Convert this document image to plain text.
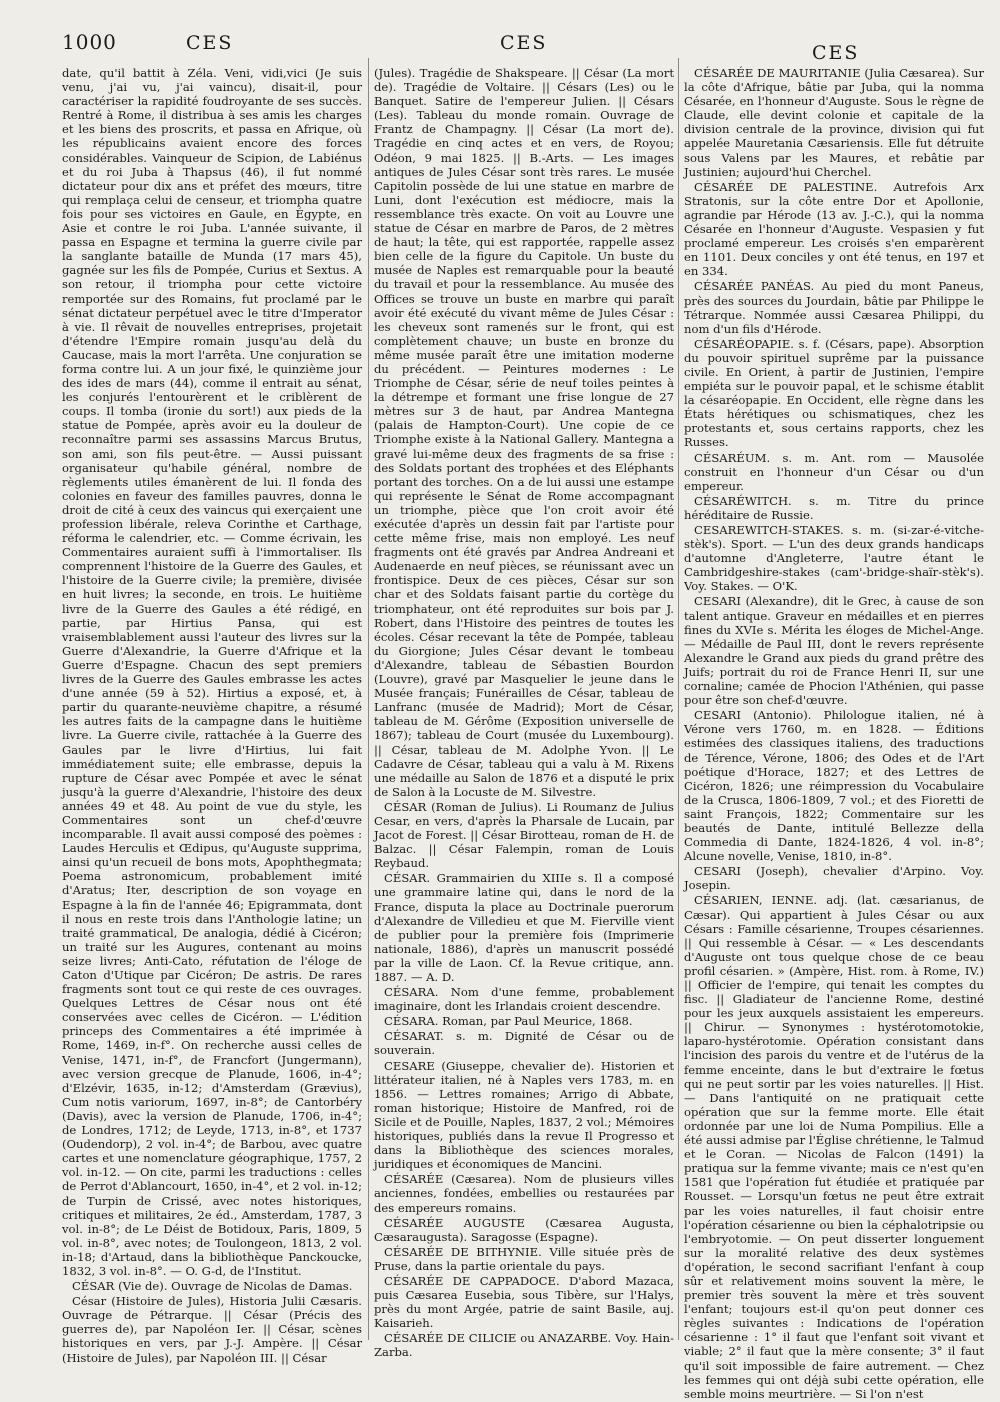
1000	CES	CES	CES

date, qu'il battit à Zéla. Veni, vidi,vici (Je suis venu, j'ai vu, j'ai vaincu), disait-il, pour caractériser la rapidité foudroyante de ses succès. Rentré à Rome, il distribua à ses amis les charges et les biens des proscrits, et passa en Afrique, où les républicains avaient encore des forces considérables. Vainqueur de Scipion, de Labiénus et du roi Juba à Thapsus (46), il fut nommé dictateur pour dix ans et préfet des mœurs, titre qui remplaça celui de censeur, et triompha quatre fois pour ses victoires en Gaule, en Égypte, en Asie et contre le roi Juba. L'année suivante, il passa en Espagne et termina la guerre civile par la sanglante bataille de Munda (17 mars 45), gagnée sur les fils de Pompée, Curius et Sextus. A son retour, il triompha pour cette victoire remportée sur des Romains, fut proclamé par le sénat dictateur perpétuel avec le titre d'Imperator à vie. Il rêvait de nouvelles entreprises, projetait d'étendre l'Empire romain jusqu'au delà du Caucase, mais la mort l'arrêta. Une conjuration se forma contre lui. A un jour fixé, le quinzième jour des ides de mars (44), comme il entrait au sénat, les conjurés l'entourèrent et le criblèrent de coups. Il tomba (ironie du sort!) aux pieds de la statue de Pompée, après avoir eu la douleur de reconnaître parmi ses assassins Marcus Brutus, son ami, son fils peut-être. — Aussi puissant organisateur qu'habile général, nombre de règlements utiles émanèrent de lui. Il fonda des colonies en faveur des familles pauvres, donna le droit de cité à ceux des vaincus qui exerçaient une profession libérale, releva Corinthe et Carthage, réforma le calendrier, etc. — Comme écrivain, les Commentaires auraient suffi à l'immortaliser. Ils comprennent l'histoire de la Guerre des Gaules, et l'histoire de la Guerre civile; la première, divisée en huit livres; la seconde, en trois. Le huitième livre de la Guerre des Gaules a été rédigé, en partie, par Hirtius Pansa, qui est vraisemblablement aussi l'auteur des livres sur la Guerre d'Alexandrie, la Guerre d'Afrique et la Guerre d'Espagne. Chacun des sept premiers livres de la Guerre des Gaules embrasse les actes d'une année (59 à 52). Hirtius a exposé, et, à partir du quarante-neuvième chapitre, a résumé les autres faits de la campagne dans le huitième livre. La Guerre civile, rattachée à la Guerre des Gaules par le livre d'Hirtius, lui fait immédiatement suite; elle embrasse, depuis la rupture de César avec Pompée et avec le sénat jusqu'à la guerre d'Alexandrie, l'histoire des deux années 49 et 48. Au point de vue du style, les Commentaires sont un chef-d'œuvre incomparable. Il avait aussi composé des poèmes : Laudes Herculis et Œdipus, qu'Auguste supprima, ainsi qu'un recueil de bons mots, Apophthegmata; Poema astronomicum, probablement imité d'Aratus; Iter, description de son voyage en Espagne à la fin de l'année 46; Epigrammata, dont il nous en reste trois dans l'Anthologie latine; un traité grammatical, De analogia, dédié à Cicéron; un traité sur les Augures, contenant au moins seize livres; Anti-Cato, réfutation de l'éloge de Caton d'Utique par Cicéron; De astris. De rares fragments sont tout ce qui reste de ces ouvrages. Quelques Lettres de César nous ont été conservées avec celles de Cicéron. — L'édition princeps des Commentaires a été imprimée à Rome, 1469, in-f°. On recherche aussi celles de Venise, 1471, in-f°, de Francfort (Jungermann), avec version grecque de Planude, 1606, in-4°; d'Elzévir, 1635, in-12; d'Amsterdam (Grævius), Cum notis variorum, 1697, in-8°; de Cantorbéry (Davis), avec la version de Planude, 1706, in-4°; de Londres, 1712; de Leyde, 1713, in-8°, et 1737 (Oudendorp), 2 vol. in-4°; de Barbou, avec quatre cartes et une nomenclature géographique, 1757, 2 vol. in-12. — On cite, parmi les traductions : celles de Perrot d'Ablancourt, 1650, in-4°, et 2 vol. in-12; de Turpin de Crissé, avec notes historiques, critiques et militaires, 2e éd., Amsterdam, 1787, 3 vol. in-8°; de Le Déist de Botidoux, Paris, 1809, 5 vol. in-8°, avec notes; de Toulongeon, 1813, 2 vol. in-18; d'Artaud, dans la bibliothèque Panckoucke, 1832, 3 vol. in-8°. — O. G-d, de l'Institut.

CÉSAR (Vie de). Ouvrage de Nicolas de Damas.

César (Histoire de Jules), Historia Julii Cæsaris. Ouvrage de Pétrarque. || César (Précis des guerres de), par Napoléon Ier. || César, scènes historiques en vers, par J.-J. Ampère. || César (Histoire de Jules), par Napoléon III. || César

(Jules). Tragédie de Shakspeare. || César (La mort de). Tragédie de Voltaire. || Césars (Les) ou le Banquet. Satire de l'empereur Julien. || Césars (Les). Tableau du monde romain. Ouvrage de Frantz de Champagny. || César (La mort de). Tragédie en cinq actes et en vers, de Royou; Odéon, 9 mai 1825. || B.-Arts. — Les images antiques de Jules César sont très rares. Le musée Capitolin possède de lui une statue en marbre de Luni, dont l'exécution est médiocre, mais la ressemblance très exacte. On voit au Louvre une statue de César en marbre de Paros, de 2 mètres de haut; la tête, qui est rapportée, rappelle assez bien celle de la figure du Capitole. Un buste du musée de Naples est remarquable pour la beauté du travail et pour la ressemblance. Au musée des Offices se trouve un buste en marbre qui paraît avoir été exécuté du vivant même de Jules César : les cheveux sont ramenés sur le front, qui est complètement chauve; un buste en bronze du même musée paraît être une imitation moderne du précédent. — Peintures modernes : Le Triomphe de César, série de neuf toiles peintes à la détrempe et formant une frise longue de 27 mètres sur 3 de haut, par Andrea Mantegna (palais de Hampton-Court). Une copie de ce Triomphe existe à la National Gallery. Mantegna a gravé lui-même deux des fragments de sa frise : des Soldats portant des trophées et des Eléphants portant des torches. On a de lui aussi une estampe qui représente le Sénat de Rome accompagnant un triomphe, pièce que l'on croit avoir été exécutée d'après un dessin fait par l'artiste pour cette même frise, mais non employé. Les neuf fragments ont été gravés par Andrea Andreani et Audenaerde en neuf pièces, se réunissant avec un frontispice. Deux de ces pièces, César sur son char et des Soldats faisant partie du cortège du triomphateur, ont été reproduites sur bois par J. Robert, dans l'Histoire des peintres de toutes les écoles. César recevant la tête de Pompée, tableau du Giorgione; Jules César devant le tombeau d'Alexandre, tableau de Sébastien Bourdon (Louvre), gravé par Masquelier le jeune dans le Musée français; Funérailles de César, tableau de Lanfranc (musée de Madrid); Mort de César, tableau de M. Gérôme (Exposition universelle de 1867); tableau de Court (musée du Luxembourg). || César, tableau de M. Adolphe Yvon. || Le Cadavre de César, tableau qui a valu à M. Rixens une médaille au Salon de 1876 et a disputé le prix de Salon à la Locuste de M. Silvestre.

CÉSAR (Roman de Julius). Li Roumanz de Julius Cesar, en vers, d'après la Pharsale de Lucain, par Jacot de Forest. || César Birotteau, roman de H. de Balzac. || César Falempin, roman de Louis Reybaud.

CÉSAR. Grammairien du XIIIe s. Il a composé une grammaire latine qui, dans le nord de la France, disputa la place au Doctrinale puerorum d'Alexandre de Villedieu et que M. Fierville vient de publier pour la première fois (Imprimerie nationale, 1886), d'après un manuscrit possédé par la ville de Laon. Cf. la Revue critique, ann. 1887. — A. D.

CÉSARA. Nom d'une femme, probablement imaginaire, dont les Irlandais croient descendre.

CÉSARA. Roman, par Paul Meurice, 1868.

CÉSARAT. s. m. Dignité de César ou de souverain.

CESARE (Giuseppe, chevalier de). Historien et littérateur italien, né à Naples vers 1783, m. en 1856. — Lettres romaines; Arrigo di Abbate, roman historique; Histoire de Manfred, roi de Sicile et de Pouille, Naples, 1837, 2 vol.; Mémoires historiques, publiés dans la revue Il Progresso et dans la Bibliothèque des sciences morales, juridiques et économiques de Mancini.

CÉSARÉE (Cæsarea). Nom de plusieurs villes anciennes, fondées, embellies ou restaurées par des empereurs romains.

CÉSARÉE AUGUSTE (Cæsarea Augusta, Cæsaraugusta). Saragosse (Espagne).

CÉSARÉE DE BITHYNIE. Ville située près de Pruse, dans la partie orientale du pays.

CÉSARÉE DE CAPPADOCE. D'abord Mazaca, puis Cæsarea Eusebia, sous Tibère, sur l'Halys, près du mont Argée, patrie de saint Basile, auj. Kaisarieh.

CÉSARÉE DE CILICIE ou ANAZARBE. Voy. Hain-Zarba.

CÉSARÉE DE MAURITANIE (Julia Cæsarea). Sur la côte d'Afrique, bâtie par Juba, qui la nomma Césarée, en l'honneur d'Auguste. Sous le règne de Claude, elle devint colonie et capitale de la division centrale de la province, division qui fut appelée Mauretania Cæsariensis. Elle fut détruite sous Valens par les Maures, et rebâtie par Justinien; aujourd'hui Cherchel.

CÉSARÉE DE PALESTINE. Autrefois Arx Stratonis, sur la côte entre Dor et Apollonie, agrandie par Hérode (13 av. J.-C.), qui la nomma Césarée en l'honneur d'Auguste. Vespasien y fut proclamé empereur. Les croisés s'en emparèrent en 1101. Deux conciles y ont été tenus, en 197 et en 334.

CÉSARÉE PANÉAS. Au pied du mont Paneus, près des sources du Jourdain, bâtie par Philippe le Tétrarque. Nommée aussi Cæsarea Philippi, du nom d'un fils d'Hérode.

CÉSARÉOPAPIE. s. f. (Césars, pape). Absorption du pouvoir spirituel suprême par la puissance civile. En Orient, à partir de Justinien, l'empire empiéta sur le pouvoir papal, et le schisme établit la césaréopapie. En Occident, elle règne dans les États hérétiques ou schismatiques, chez les protestants et, sous certains rapports, chez les Russes.

CÉSARÉUM. s. m. Ant. rom — Mausolée construit en l'honneur d'un César ou d'un empereur.

CÉSARÉWITCH. s. m. Titre du prince héréditaire de Russie.

CESAREWITCH-STAKES. s. m. (si-zar-é-vitche-stèk's). Sport. — L'un des deux grands handicaps d'automne d'Angleterre, l'autre étant le Cambridgeshire-stakes (cam'-bridge-shaïr-stèk's). Voy. Stakes. — O'K.

CESARI (Alexandre), dit le Grec, à cause de son talent antique. Graveur en médailles et en pierres fines du XVIe s. Mérita les éloges de Michel-Ange. — Médaille de Paul III, dont le revers représente Alexandre le Grand aux pieds du grand prêtre des Juifs; portrait du roi de France Henri II, sur une cornaline; camée de Phocion l'Athénien, qui passe pour être son chef-d'œuvre.

CESARI (Antonio). Philologue italien, né à Vérone vers 1760, m. en 1828. — Éditions estimées des classiques italiens, des traductions de Térence, Vérone, 1806; des Odes et de l'Art poétique d'Horace, 1827; et des Lettres de Cicéron, 1826; une réimpression du Vocabulaire de la Crusca, 1806-1809, 7 vol.; et des Fioretti de saint François, 1822; Commentaire sur les beautés de Dante, intitulé Bellezze della Commedia di Dante, 1824-1826, 4 vol. in-8°; Alcune novelle, Venise, 1810, in-8°.

CESARI (Joseph), chevalier d'Arpino. Voy. Josepin.

CÉSARIEN, IENNE. adj. (lat. cæsarianus, de Cæsar). Qui appartient à Jules César ou aux Césars : Famille césarienne, Troupes césariennes. || Qui ressemble à César. — « Les descendants d'Auguste ont tous quelque chose de ce beau profil césarien. » (Ampère, Hist. rom. à Rome, IV.) || Officier de l'empire, qui tenait les comptes du fisc. || Gladiateur de l'ancienne Rome, destiné pour les jeux auxquels assistaient les empereurs. || Chirur. — Synonymes : hystérotomotokie, laparo-hystérotomie. Opération consistant dans l'incision des parois du ventre et de l'utérus de la femme enceinte, dans le but d'extraire le fœtus qui ne peut sortir par les voies naturelles. || Hist. — Dans l'antiquité on ne pratiquait cette opération que sur la femme morte. Elle était ordonnée par une loi de Numa Pompilius. Elle a été aussi admise par l'Église chrétienne, le Talmud et le Coran. — Nicolas de Falcon (1491) la pratiqua sur la femme vivante; mais ce n'est qu'en 1581 que l'opération fut étudiée et pratiquée par Rousset. — Lorsqu'un fœtus ne peut être extrait par les voies naturelles, il faut choisir entre l'opération césarienne ou bien la céphalotripsie ou l'embryotomie. — On peut disserter longuement sur la moralité relative des deux systèmes d'opération, le second sacrifiant l'enfant à coup sûr et relativement moins souvent la mère, le premier très souvent la mère et très souvent l'enfant; toujours est-il qu'on peut donner ces règles suivantes : Indications de l'opération césarienne : 1° il faut que l'enfant soit vivant et viable; 2° il faut que la mère consente; 3° il faut qu'il soit impossible de faire autrement. — Chez les femmes qui ont déjà subi cette opération, elle semble moins meurtrière. — Si l'on n'est
